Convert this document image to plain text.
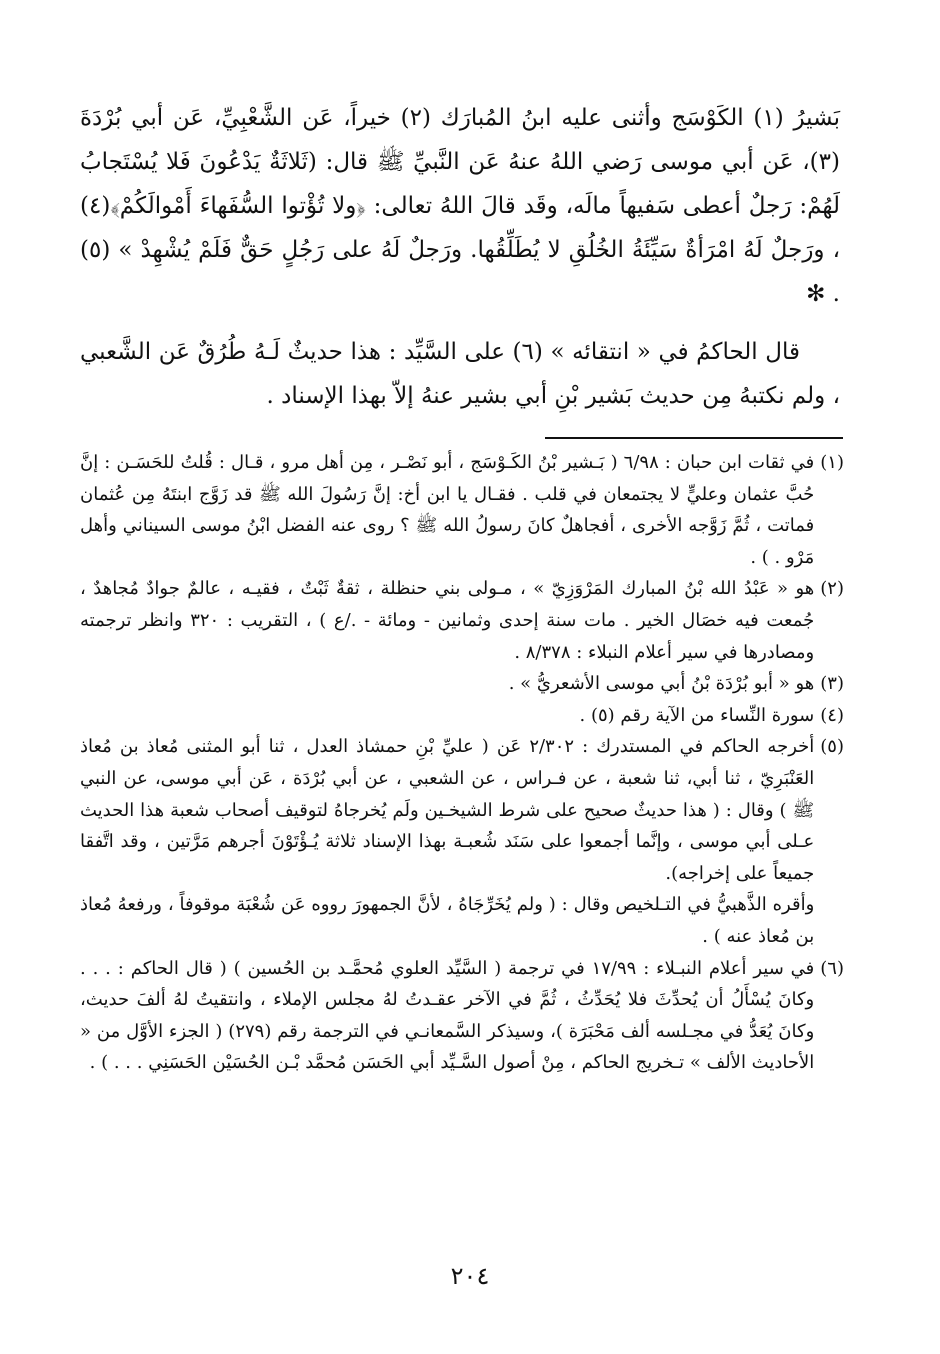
بَشيرُ (١) الكَوْسَج وأثنى عليه ابنُ المُبارَك (٢) خيراً، عَن الشَّعْبِيِّ، عَن أبي بُرْدَةَ (٣)، عَن أبي موسى رَضي اللهُ عنهُ عَن النَّبيِّ ﷺ قال: (ثَلاثَةٌ يَدْعُونَ فَلا يُسْتَجابُ لَهُمْ: رَجلٌ أعطى سَفيهاً مالَه، وقَد قالَ اللهُ تعالى: ﴿ولا تُؤْتوا السُّفَهاءَ أَمْوالَكُمْ﴾(٤) ، ورَجلٌ لَهُ امْرَأةٌ سَيِّئَةُ الخُلُقِ لا يُطَلِّقُها. ورَجلٌ لَهُ على رَجُلٍ حَقٌّ فَلَمْ يُشْهِدْ » (٥) . ✻

قال الحاكمُ في « انتقائه » (٦) على السَّيِّد : هذا حديثٌ لَـهُ طُرُقٌ عَن الشَّعبي ، ولم نكتبهُ مِن حديث بَشير بْنِ أبي بشير عنهُ إلاّ بهذا الإسناد .

(١)

في ثقات ابن حبان : ٦/٩٨ ( بَـشير بْنُ الكَـوْسَج ، أبو نَصْـر ، مِن أهل مرو ، قـال : قُلتُ للحَسَـن : إنَّ حُبَّ عثمان وعليٍّ لا يجتمعان في قلب . فقـال يا ابن أخ: إنَّ رَسُولَ الله ﷺ قد زَوَّج ابنتَهُ مِن عُثمان فماتت ، ثُمَّ زَوَّجه الأخرى ، أفجاهلٌ كانَ رسولُ الله ﷺ ؟ روى عنه الفضل ابْنُ موسى السيناني وأهل مَرْو . ) .

(٢)

هو « عَبْدُ الله بْنُ المبارك المَرْوَزِيّ » ، مـولى بني حنظلة ، ثقةٌ ثَبْتٌ ، فقيـه ، عالمٌ جوادٌ مُجاهدٌ ، جُمعت فيه خصَال الخير . مات سنة إحدى وثمانين - ومائة - ./ع ) ، التقريب : ٣٢٠ وانظر ترجمته ومصادرها في سير أعلام النبلاء : ٨/٣٧٨ .

(٣)

هو « أبو بُرْدَة بْنُ أبي موسى الأشعريُّ » .

(٤)

سورة النِّساء من الآية رقم (٥) .

(٥)

أخرجه الحاكم في المستدرك : ٢/٣٠٢ عَن ( عليِّ بْنِ حمشاذ العدل ، ثنا أبو المثنى مُعاذ بن مُعاذ العَنْبَرِيّ ، ثنا أبي، ثنا شعبة ، عن فـراس ، عن الشعبي ، عن أبي بُرْدَة ، عَن أبي موسى، عن النبي ﷺ ) وقال : ( هذا حديثٌ صحيح على شرط الشيخـين ولَم يُخرجاهُ لتوقيف أصحاب شعبة هذا الحديث عـلى أبي موسى ، وإنَّما أجمعوا على سَنَد شُعبـة بهذا الإسناد ثلاثة يُـؤْتَوْنَ أجرهم مَرَّتين ، وقد اتَّفقا جميعاً على إخراجه).

وأقره الذَّهبيُّ في التـلخيص وقال : ( ولم يُخَرِّجَاهُ ، لأنَّ الجمهورَ رووه عَن شُعْبَة موقوفاً ، ورفعهُ مُعاذ بن مُعاذ عنه ) .

(٦)

في سير أعلام النبـلاء : ١٧/٩٩ في ترجمة ( السَّيِّد العلوي مُحمَّـد بن الحُسين ) ( قال الحاكم : . . . وكانَ يُسْأَلُ أن يُحدِّثَ فلا يُحَدِّثُ ، ثُمَّ في الآخر عقـدتُ لهُ مجلس الإملاء ، وانتقيتُ لهُ ألفَ حديث، وكانَ يُعَدُّ في مجـلسه ألف مَحْبَرَة )، وسيذكر السَّمعانـي في الترجمة رقم (٢٧٩) ( الجزء الأوَّل من « الأحاديث الألف » تـخريج الحاكم ، مِنْ أصول السَّـيِّد أبي الحَسَن مُحمَّد بْـن الحُسَيْن الحَسَنِي . . . ) .

٢٠٤
